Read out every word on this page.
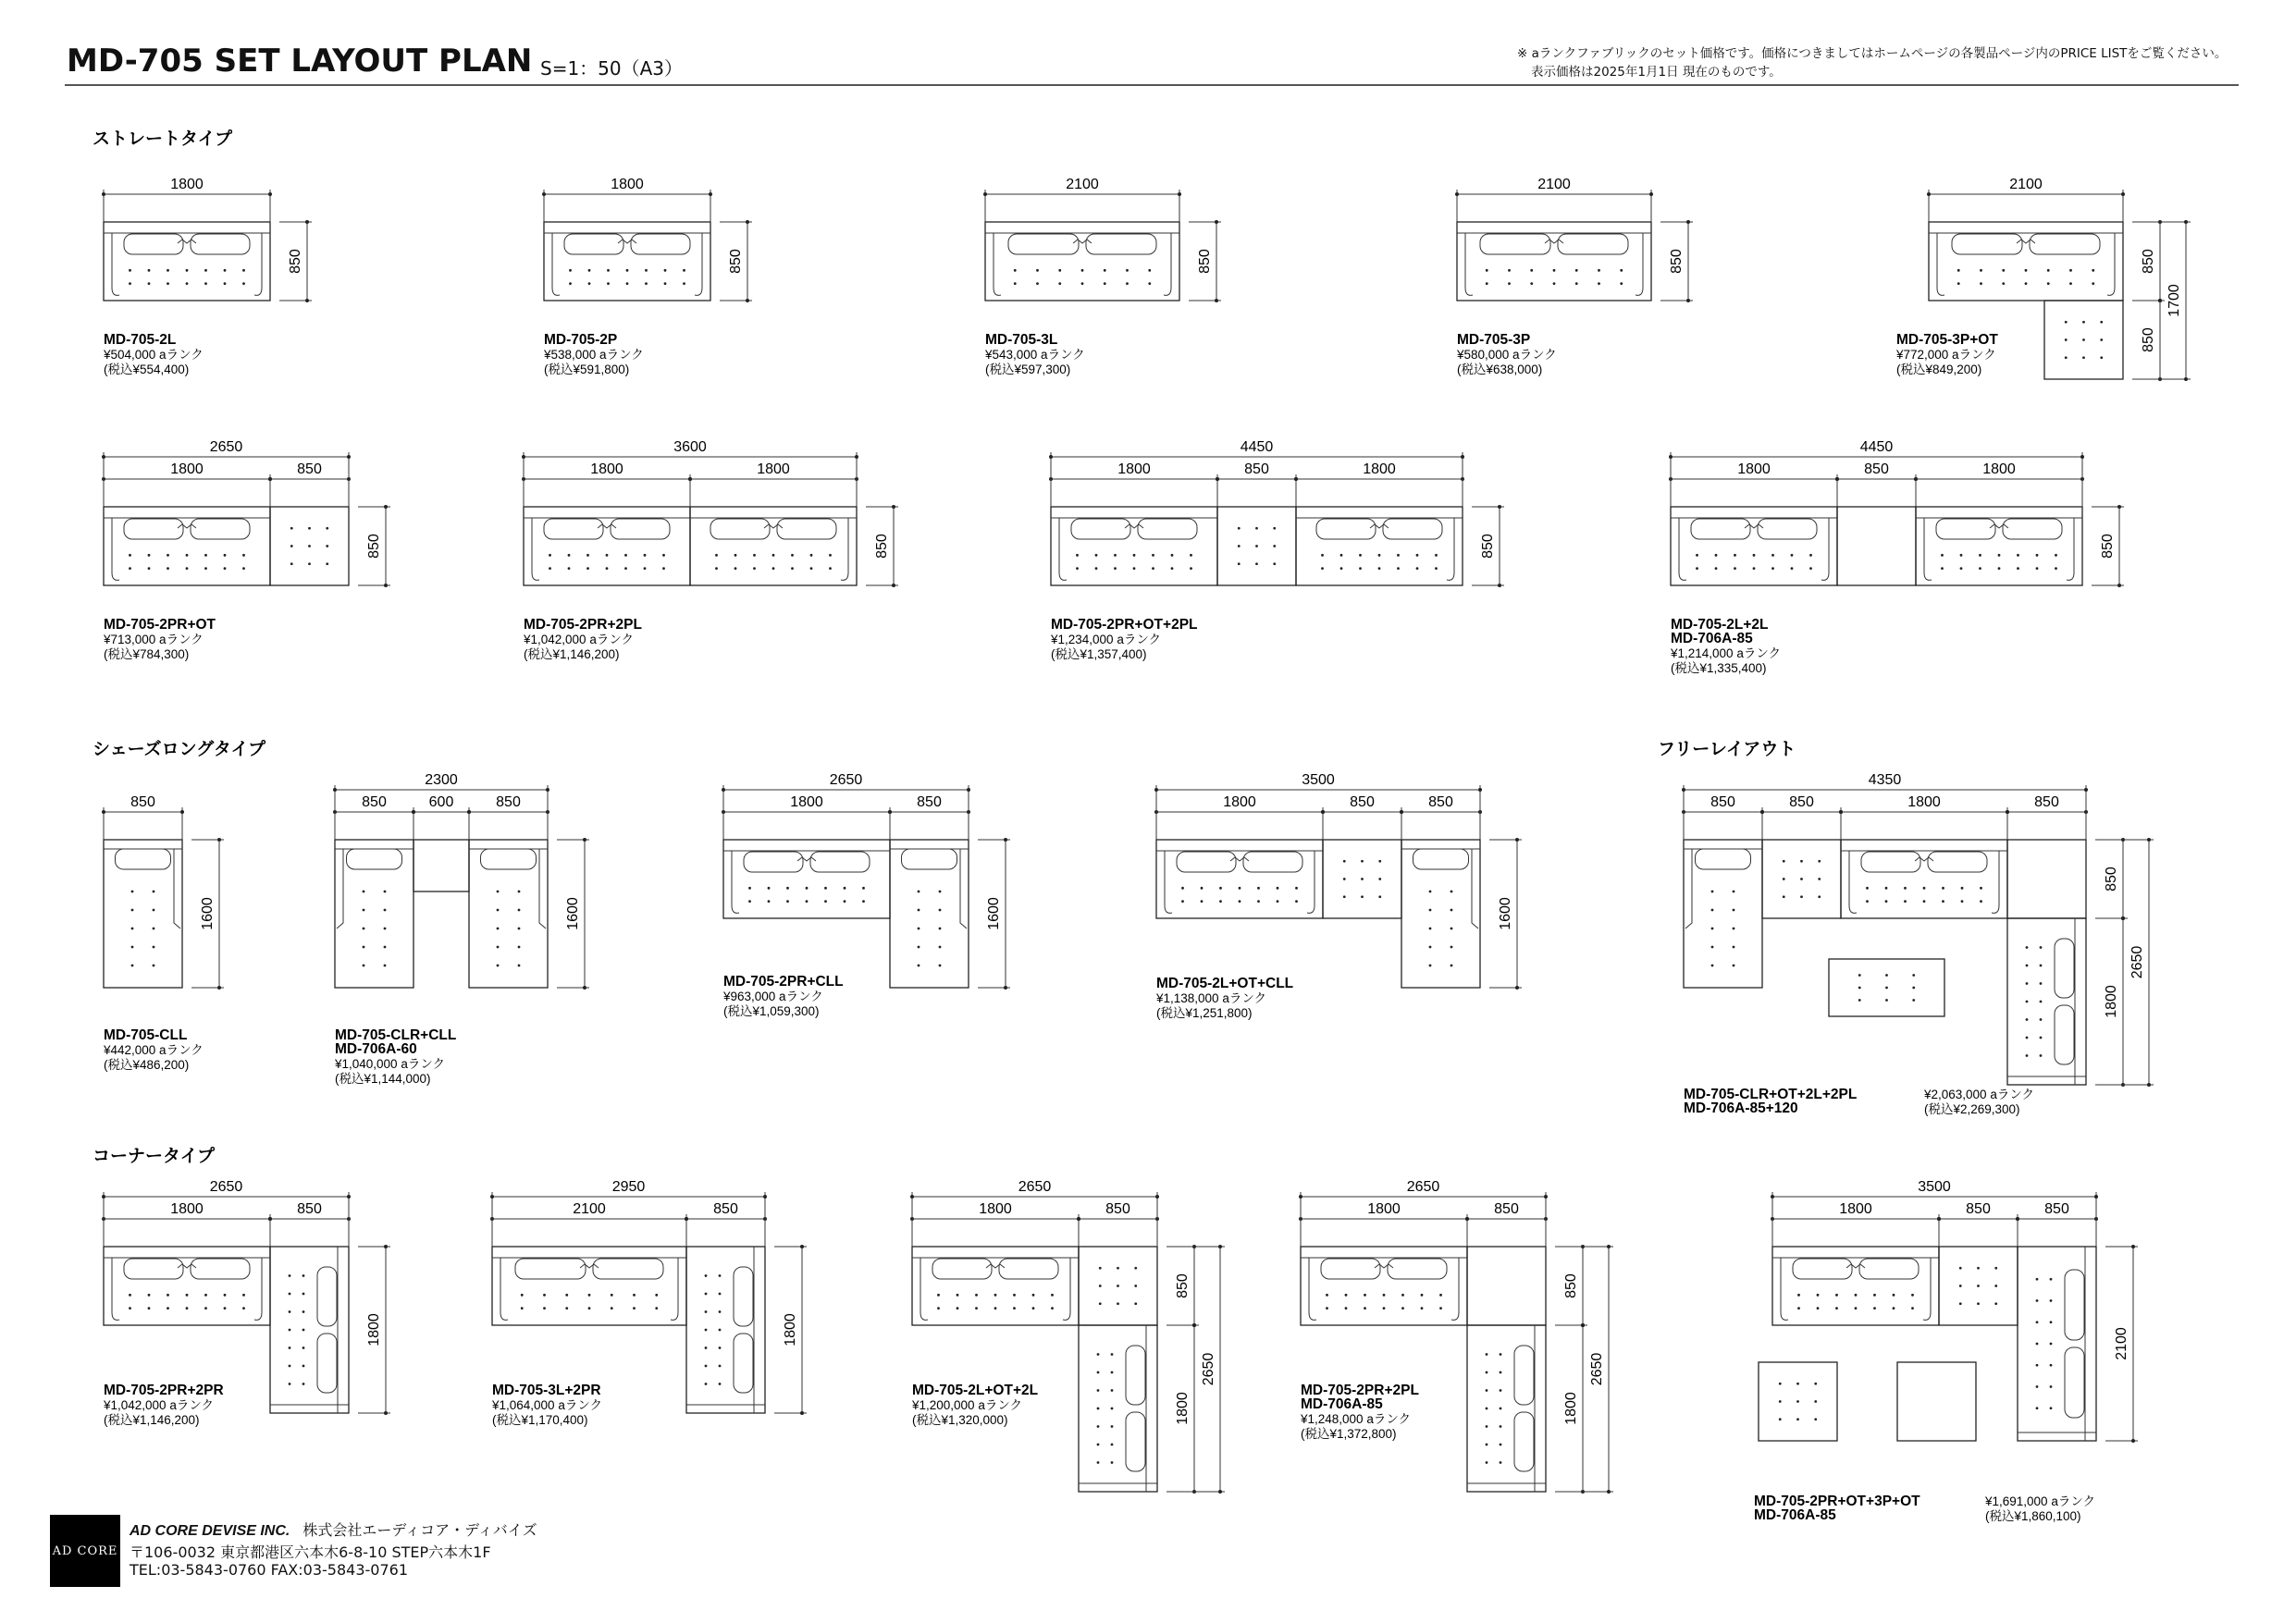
MD-705 SET LAYOUT PLAN S=1：50（A3）
※ aランクファブリックのセット価格です。価格につきましてはホームページの各製品ページ内のPRICE LISTをご覧ください。
表示価格は2025年1月1日 現在のものです。
ストレートタイプ
シェーズロングタイプ	フリーレイアウト
コーナータイプ
1800
850
MD-705-2L
¥504,000 aランク
(税込¥554,400)
1800
850
MD-705-2P
¥538,000 aランク
(税込¥591,800)
2100
850
MD-705-3L
¥543,000 aランク
(税込¥597,300)
2100
850
MD-705-3P
¥580,000 aランク
(税込¥638,000)
2100
850
850
1700
MD-705-3P+OT
¥772,000 aランク
(税込¥849,200)
1800	850
2650
850
MD-705-2PR+OT
¥713,000 aランク
(税込¥784,300)
1800	1800
3600
850
MD-705-2PR+2PL
¥1,042,000 aランク
(税込¥1,146,200)
1800	850	1800
4450
850
MD-705-2PR+OT+2PL
¥1,234,000 aランク
(税込¥1,357,400)
1800	850	1800
4450
850
MD-705-2L+2L
MD-706A-85
¥1,214,000 aランク
(税込¥1,335,400)
850
1600
MD-705-CLL
¥442,000 aランク
(税込¥486,200)
850	600	850
2300
1600
MD-705-CLR+CLL
MD-706A-60
¥1,040,000 aランク
(税込¥1,144,000)
1800	850
2650
1600
MD-705-2PR+CLL
¥963,000 aランク
(税込¥1,059,300)
1800	850	850
3500
1600
MD-705-2L+OT+CLL
¥1,138,000 aランク
(税込¥1,251,800)
850	850	1800	850
4350
850
1800
2650
MD-705-CLR+OT+2L+2PL
MD-706A-85+120
¥2,063,000 aランク
(税込¥2,269,300)
1800	850
2650
1800
MD-705-2PR+2PR
¥1,042,000 aランク
(税込¥1,146,200)
2100	850
2950
1800
MD-705-3L+2PR
¥1,064,000 aランク
(税込¥1,170,400)
1800	850
2650
850
1800
2650
MD-705-2L+OT+2L
¥1,200,000 aランク
(税込¥1,320,000)
1800	850
2650
850
1800
2650
MD-705-2PR+2PL
MD-706A-85
¥1,248,000 aランク
(税込¥1,372,800)
1800	850	850
3500
2100
MD-705-2PR+OT+3P+OT
MD-706A-85
¥1,691,000 aランク
(税込¥1,860,100)
AD CORE
AD CORE DEVISE INC. 株式会社エーディコア・ディバイズ
〒106-0032 東京都港区六本木6-8-10 STEP六本木1F
TEL:03-5843-0760 FAX:03-5843-0761
